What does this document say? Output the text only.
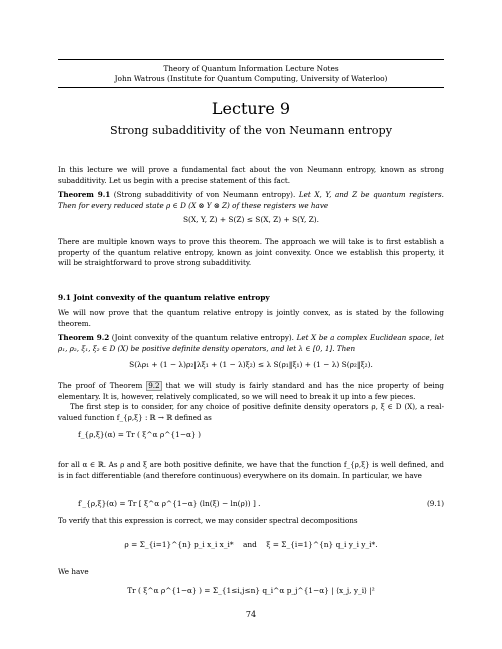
Theory of Quantum Information Lecture Notes
John Watrous (Institute for Quantum Computing, University of Waterloo)
Lecture 9
Strong subadditivity of the von Neumann entropy
In this lecture we will prove a fundamental fact about the von Neumann entropy, known as strong subadditivity. Let us begin with a precise statement of this fact.
Theorem 9.1 (Strong subadditivity of von Neumann entropy). Let X, Y, and Z be quantum registers. Then for every reduced state ρ ∈ D (X ⊗ Y ⊗ Z) of these registers we have
S(X, Y, Z) + S(Z) ≤ S(X, Z) + S(Y, Z).
There are multiple known ways to prove this theorem. The approach we will take is to first establish a property of the quantum relative entropy, known as joint convexity. Once we establish this property, it will be straightforward to prove strong subadditivity.
9.1 Joint convexity of the quantum relative entropy
We will now prove that the quantum relative entropy is jointly convex, as is stated by the following theorem.
Theorem 9.2 (Joint convexity of the quantum relative entropy). Let X be a complex Euclidean space, let ρ₁, ρ₂, ξ₁, ξ₂ ∈ D (X) be positive definite density operators, and let λ ∈ [0, 1]. Then
S(λρ₁ + (1 − λ)ρ₂‖λξ₁ + (1 − λ)ξ₂) ≤ λ S(ρ₁‖ξ₁) + (1 − λ) S(ρ₂‖ξ₂).
The proof of Theorem 9.2 that we will study is fairly standard and has the nice property of being elementary. It is, however, relatively complicated, so we will need to break it up into a few pieces.
The first step is to consider, for any choice of positive definite density operators ρ, ξ ∈ D (X), a real-valued function f_{ρ,ξ} : ℝ → ℝ defined as
f_{ρ,ξ}(α) = Tr ( ξ^α ρ^{1−α} )
for all α ∈ ℝ. As ρ and ξ are both positive definite, we have that the function f_{ρ,ξ} is well defined, and is in fact differentiable (and therefore continuous) everywhere on its domain. In particular, we have
f′_{ρ,ξ}(α) = Tr [ ξ^α ρ^{1−α} (ln(ξ) − ln(ρ)) ] .	(9.1)
To verify that this expression is correct, we may consider spectral decompositions
ρ = Σ_{i=1}^{n} p_i x_i x_i* and ξ = Σ_{i=1}^{n} q_i y_i y_i*.
We have
Tr ( ξ^α ρ^{1−α} ) = Σ_{1≤i,j≤n} q_i^α p_j^{1−α} | ⟨x_j, y_i⟩ |²
74
